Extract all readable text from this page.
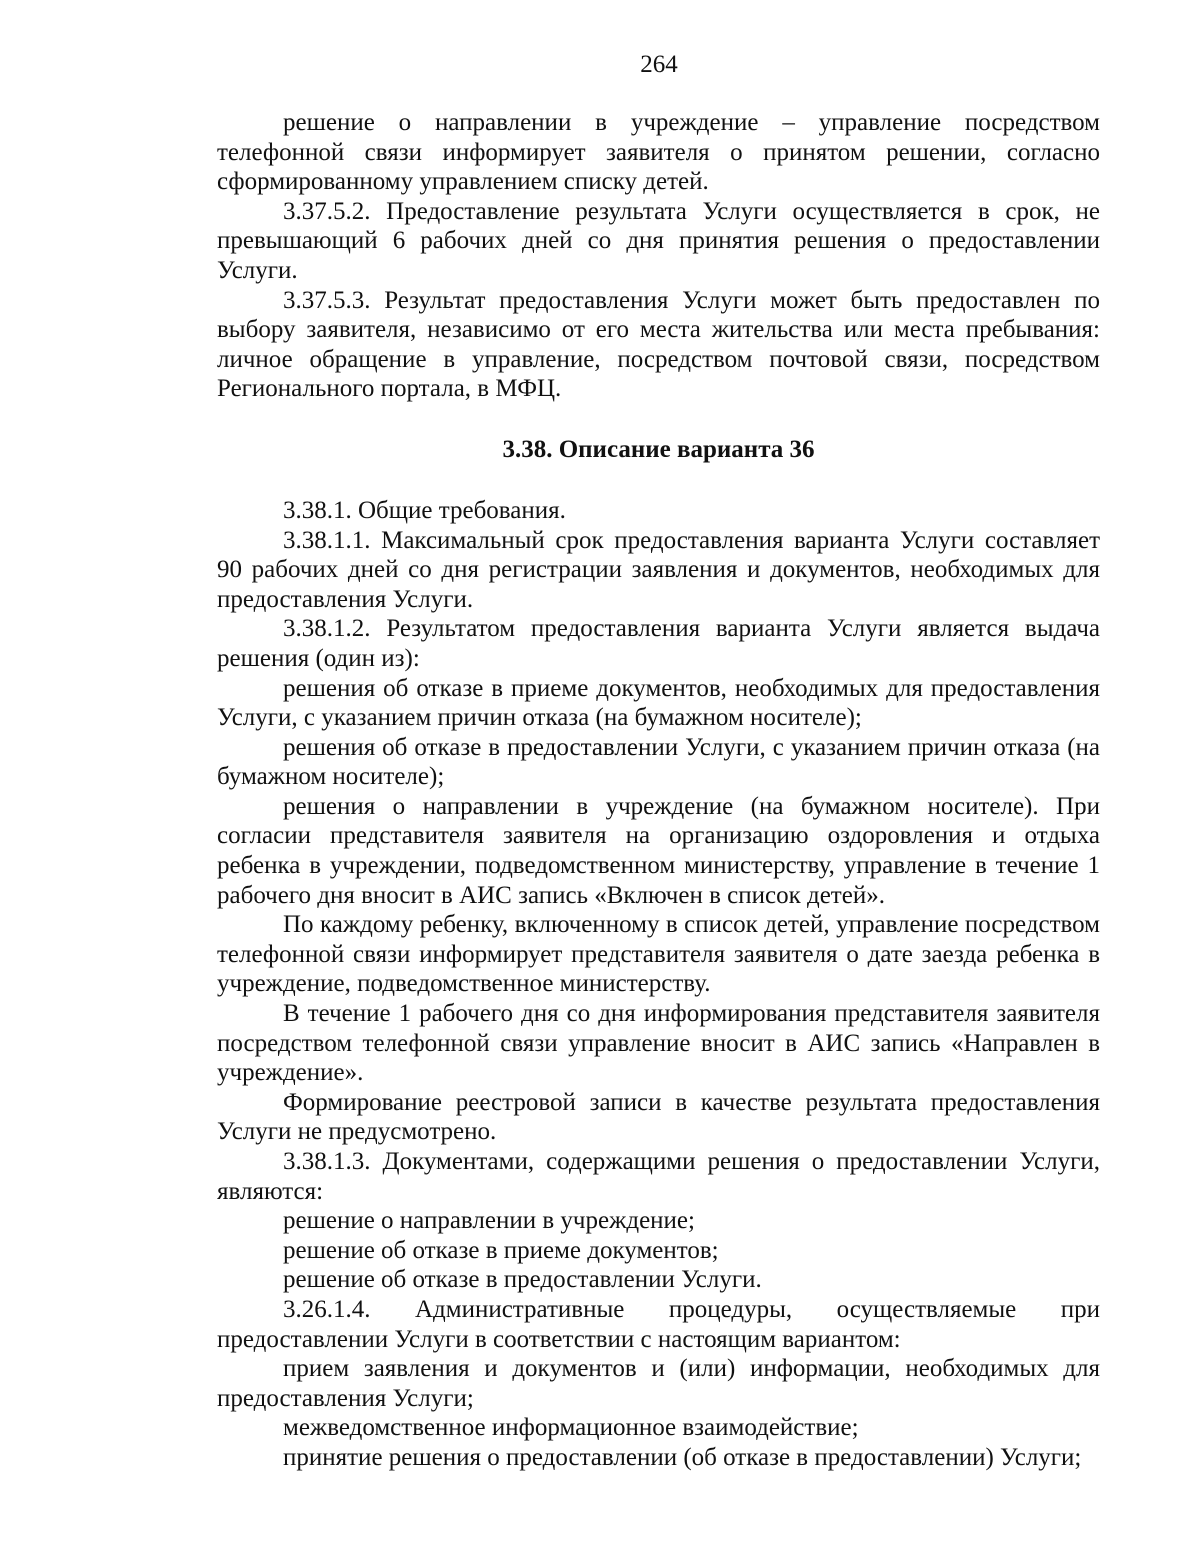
264

решение о направлении в учреждение – управление посредством телефонной связи информирует заявителя о принятом решении, согласно сформированному управлением списку детей.

3.37.5.2. Предоставление результата Услуги осуществляется в срок, не превышающий 6 рабочих дней со дня принятия решения о предоставлении Услуги.

3.37.5.3. Результат предоставления Услуги может быть предоставлен по выбору заявителя, независимо от его места жительства или места пребывания: личное обращение в управление, посредством почтовой связи, посредством Регионального портала, в МФЦ.

3.38. Описание варианта 36

3.38.1. Общие требования.

3.38.1.1. Максимальный срок предоставления варианта Услуги составляет 90 рабочих дней со дня регистрации заявления и документов, необходимых для предоставления Услуги.

3.38.1.2. Результатом предоставления варианта Услуги является выдача решения (один из):

решения об отказе в приеме документов, необходимых для предоставления Услуги, с указанием причин отказа (на бумажном носителе);

решения об отказе в предоставлении Услуги, с указанием причин отказа (на бумажном носителе);

решения о направлении в учреждение (на бумажном носителе). При согласии представителя заявителя на организацию оздоровления и отдыха ребенка в учреждении, подведомственном министерству, управление в течение 1 рабочего дня вносит в АИС запись «Включен в список детей».

По каждому ребенку, включенному в список детей, управление посредством телефонной связи информирует представителя заявителя о дате заезда ребенка в учреждение, подведомственное министерству.

В течение 1 рабочего дня со дня информирования представителя заявителя посредством телефонной связи управление вносит в АИС запись «Направлен в учреждение».

Формирование реестровой записи в качестве результата предоставления Услуги не предусмотрено.

3.38.1.3. Документами, содержащими решения о предоставлении Услуги, являются:

решение о направлении в учреждение;

решение об отказе в приеме документов;

решение об отказе в предоставлении Услуги.

3.26.1.4. Административные процедуры, осуществляемые при предоставлении Услуги в соответствии с настоящим вариантом:

прием заявления и документов и (или) информации, необходимых для предоставления Услуги;

межведомственное информационное взаимодействие;

принятие решения о предоставлении (об отказе в предоставлении) Услуги;
